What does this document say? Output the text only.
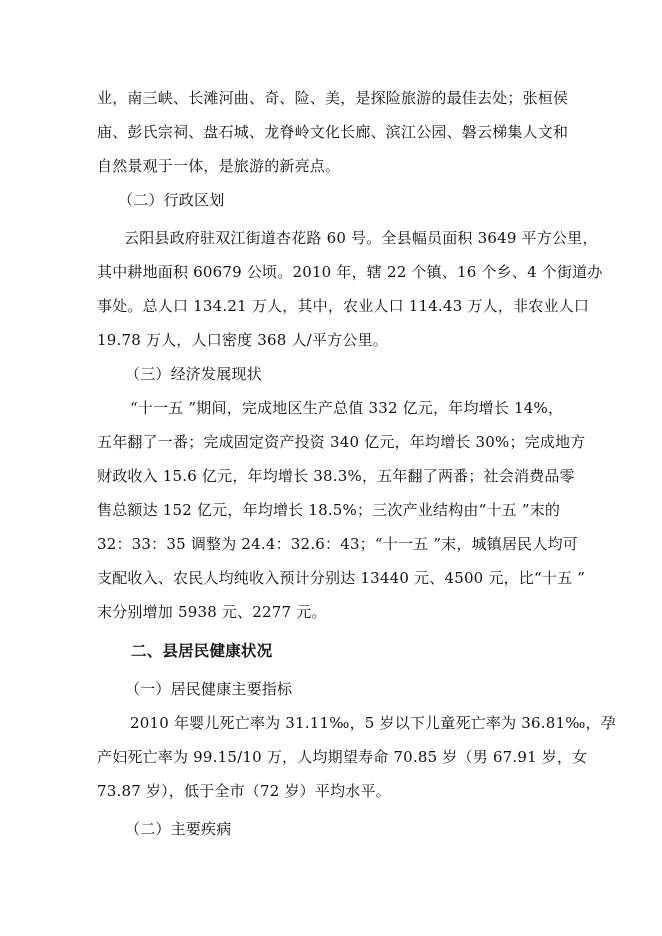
业，南三峡、长滩河曲、奇、险、美，是探险旅游的最佳去处；张桓侯
庙、彭氏宗祠、盘石城、龙脊岭文化长廊、滨江公园、磐云梯集人文和
自然景观于一体，是旅游的新亮点。
（二）行政区划
云阳县政府驻双江街道杏花路 60 号。全县幅员面积 3649 平方公里，
其中耕地面积 60679 公顷。2010 年，辖 22 个镇、16 个乡、4 个街道办
事处。总人口 134.21 万人，其中，农业人口 114.43 万人，非农业人口
19.78 万人，人口密度 368 人/平方公里。
（三）经济发展现状
“十一五 ”期间，完成地区生产总值 332 亿元，年均增长 14%，
五年翻了一番；完成固定资产投资 340 亿元，年均增长 30%；完成地方
财政收入 15.6 亿元，年均增长 38.3%，五年翻了两番；社会消费品零
售总额达 152 亿元，年均增长 18.5%；三次产业结构由“十五 ”末的
32：33：35 调整为 24.4：32.6：43；“十一五 ”末，城镇居民人均可
支配收入、农民人均纯收入预计分别达 13440 元、4500 元，比“十五 ”
末分别增加 5938 元、2277 元。
二、县居民健康状况
（一）居民健康主要指标
2010 年婴儿死亡率为 31.11‰，5 岁以下儿童死亡率为 36.81‰，孕
产妇死亡率为 99.15/10 万，人均期望寿命 70.85 岁（男 67.91 岁，女
73.87 岁），低于全市（72 岁）平均水平。
（二）主要疾病
